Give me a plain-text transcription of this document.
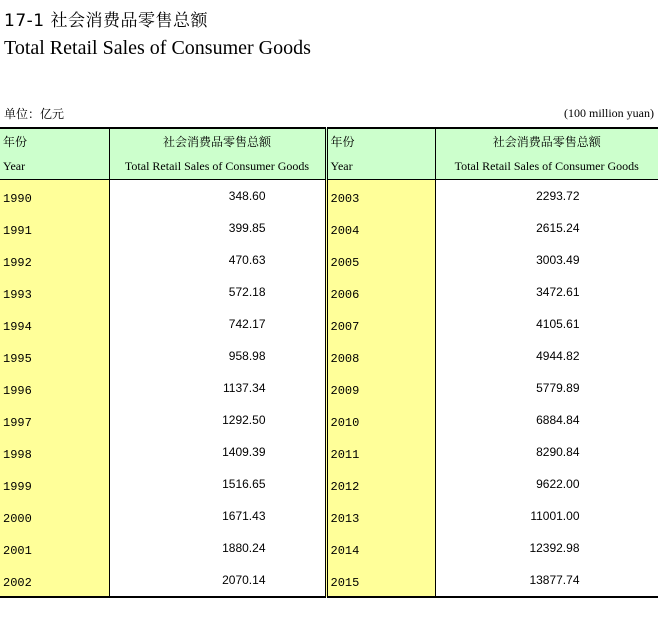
17-1 社会消费品零售总额
Total Retail Sales of Consumer Goods
单位：亿元	(100 million yuan)
年份	社会消费品零售总额	年份	社会消费品零售总额
Year	Total Retail Sales of Consumer Goods	Year	Total Retail Sales of Consumer Goods
1990	348.60	2003	2293.72
1991	399.85	2004	2615.24
1992	470.63	2005	3003.49
1993	572.18	2006	3472.61
1994	742.17	2007	4105.61
1995	958.98	2008	4944.82
1996	1137.34	2009	5779.89
1997	1292.50	2010	6884.84
1998	1409.39	2011	8290.84
1999	1516.65	2012	9622.00
2000	1671.43	2013	11001.00
2001	1880.24	2014	12392.98
2002	2070.14	2015	13877.74
